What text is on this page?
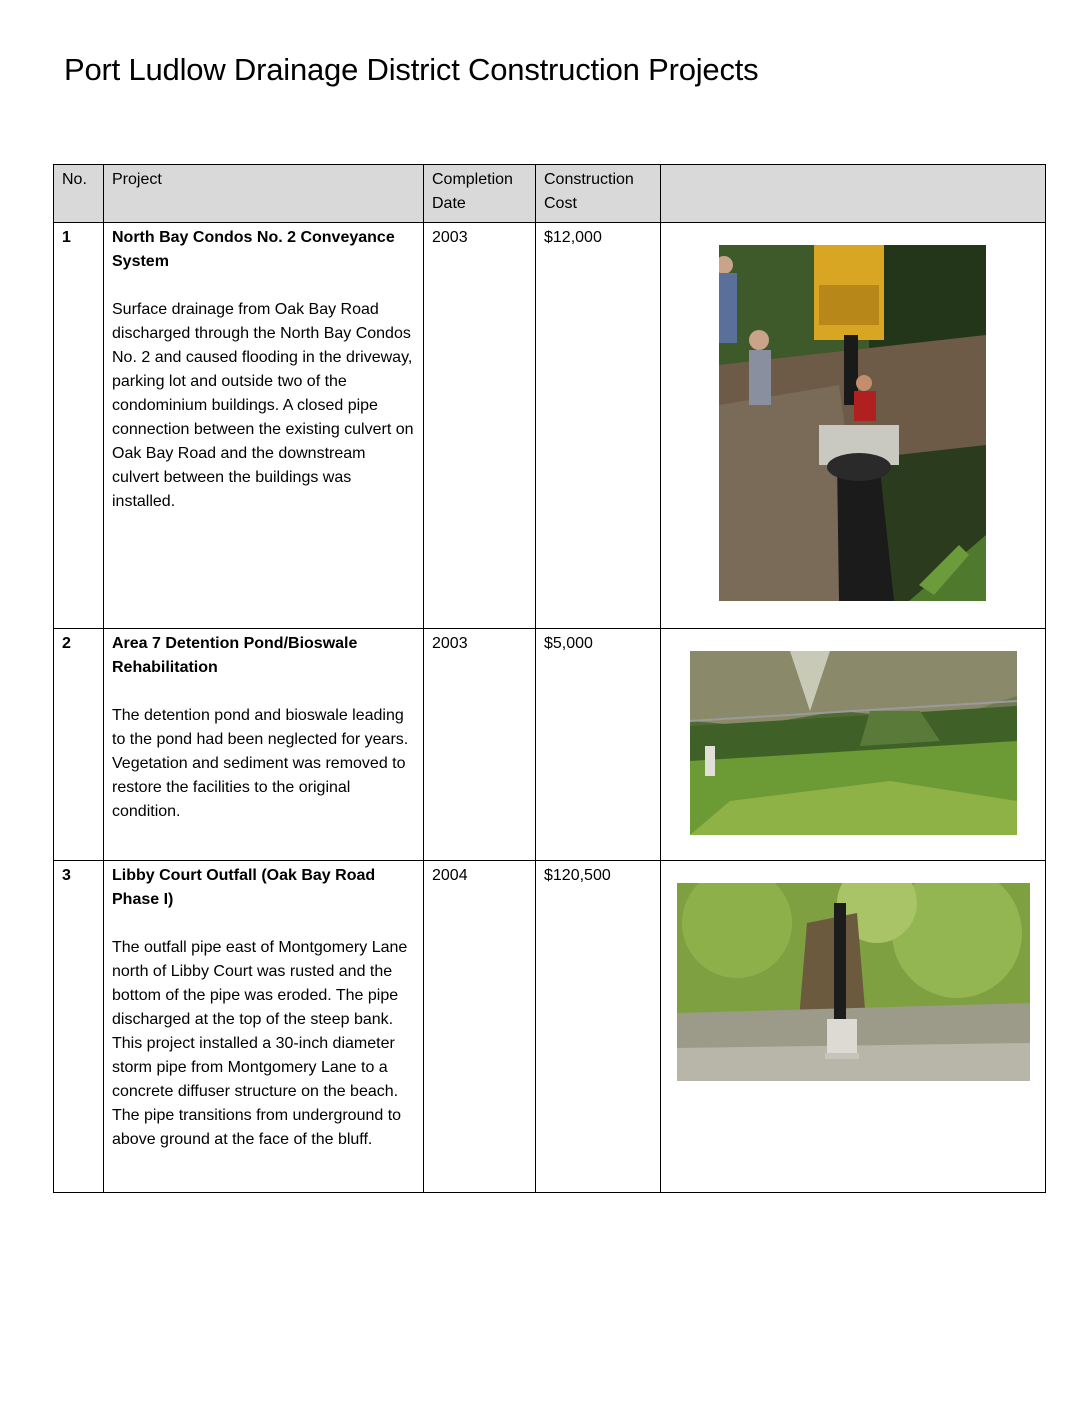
Port Ludlow Drainage District Construction Projects
No.	Project	Completion Date	Construction Cost	
1	North Bay Condos No. 2 Conveyance System
Surface drainage from Oak Bay Road discharged through the North Bay Condos No. 2 and caused flooding in the driveway, parking lot and outside two of the condominium buildings. A closed pipe connection between the existing culvert on Oak Bay Road and the downstream culvert between the buildings was installed.	2003	$12,000	

2	Area 7 Detention Pond/Bioswale Rehabilitation
The detention pond and bioswale leading to the pond had been neglected for years. Vegetation and sediment was removed to restore the facilities to the original condition.	2003	$5,000	

3	Libby Court Outfall (Oak Bay Road Phase I)
The outfall pipe east of Montgomery Lane north of Libby Court was rusted and the bottom of the pipe was eroded. The pipe discharged at the top of the steep bank. This project installed a 30-inch diameter storm pipe from Montgomery Lane to a concrete diffuser structure on the beach. The pipe transitions from underground to above ground at the face of the bluff.	2004	$120,500	
